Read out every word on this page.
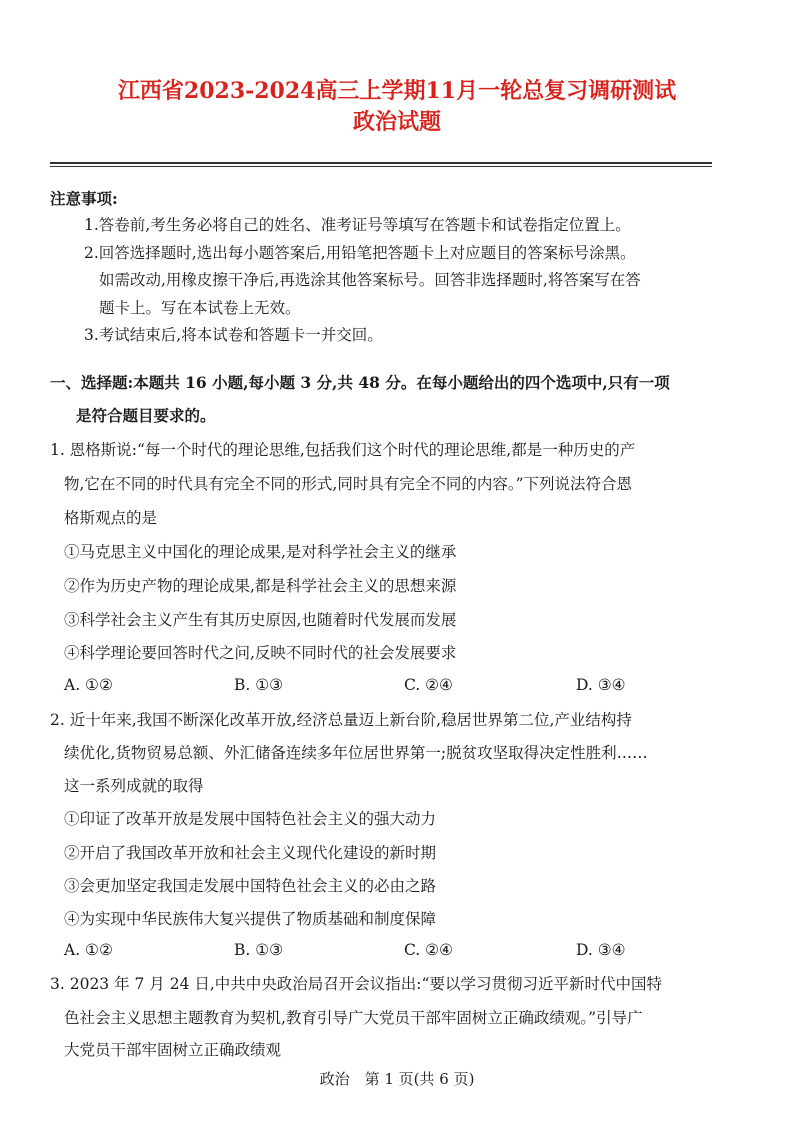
江西省2023-2024高三上学期11月一轮总复习调研测试
政治试题
注意事项:
1.答卷前,考生务必将自己的姓名、准考证号等填写在答题卡和试卷指定位置上。
2.回答选择题时,选出每小题答案后,用铅笔把答题卡上对应题目的答案标号涂黑。
如需改动,用橡皮擦干净后,再选涂其他答案标号。回答非选择题时,将答案写在答
题卡上。写在本试卷上无效。
3.考试结束后,将本试卷和答题卡一并交回。
一、选择题:本题共 16 小题,每小题 3 分,共 48 分。在每小题给出的四个选项中,只有一项
是符合题目要求的。
1. 恩格斯说:“每一个时代的理论思维,包括我们这个时代的理论思维,都是一种历史的产
物,它在不同的时代具有完全不同的形式,同时具有完全不同的内容。”下列说法符合恩
格斯观点的是
①马克思主义中国化的理论成果,是对科学社会主义的继承
②作为历史产物的理论成果,都是科学社会主义的思想来源
③科学社会主义产生有其历史原因,也随着时代发展而发展
④科学理论要回答时代之问,反映不同时代的社会发展要求
A. ①②	B. ①③	C. ②④	D. ③④
2. 近十年来,我国不断深化改革开放,经济总量迈上新台阶,稳居世界第二位,产业结构持
续优化,货物贸易总额、外汇储备连续多年位居世界第一;脱贫攻坚取得决定性胜利……
这一系列成就的取得
①印证了改革开放是发展中国特色社会主义的强大动力
②开启了我国改革开放和社会主义现代化建设的新时期
③会更加坚定我国走发展中国特色社会主义的必由之路
④为实现中华民族伟大复兴提供了物质基础和制度保障
A. ①②	B. ①③	C. ②④	D. ③④
3. 2023 年 7 月 24 日,中共中央政治局召开会议指出:“要以学习贯彻习近平新时代中国特
色社会主义思想主题教育为契机,教育引导广大党员干部牢固树立正确政绩观。”引导广
大党员干部牢固树立正确政绩观
政治　第 1 页(共 6 页)
